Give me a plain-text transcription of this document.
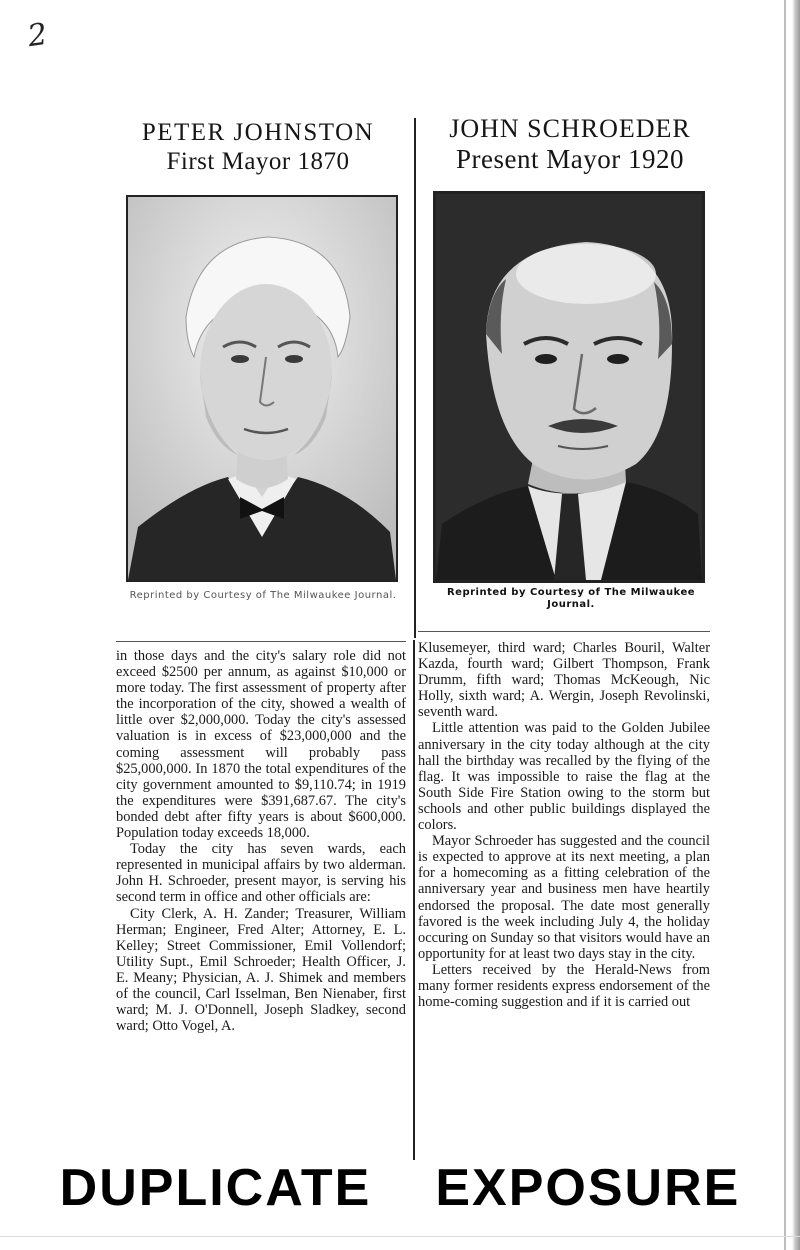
2
PETER JOHNSTON
First Mayor 1870
JOHN SCHROEDER
Present Mayor 1920
Reprinted by Courtesy of The Milwaukee Journal.	Reprinted by Courtesy of The Milwaukee Journal.

in those days and the city's salary role did not exceed $2500 per annum, as against $10,000 or more today. The first assessment of property after the incorporation of the city, showed a wealth of little over $2,000,000. Today the city's assessed valuation is in excess of $23,000,000 and the coming assessment will probably pass $25,000,000. In 1870 the total expenditures of the city government amounted to $9,110.74; in 1919 the expenditures were $391,687.67. The city's bonded debt after fifty years is about $600,000. Population today exceeds 18,000.

Today the city has seven wards, each represented in municipal affairs by two alderman. John H. Schroeder, present mayor, is serving his second term in office and other officials are:

City Clerk, A. H. Zander; Treasurer, William Herman; Engineer, Fred Alter; Attorney, E. L. Kelley; Street Commissioner, Emil Vollendorf; Utility Supt., Emil Schroeder; Health Officer, J. E. Meany; Physician, A. J. Shimek and members of the council, Carl Isselman, Ben Nienaber, first ward; M. J. O'Donnell, Joseph Sladkey, second ward; Otto Vogel, A.

Klusemeyer, third ward; Charles Bouril, Walter Kazda, fourth ward; Gilbert Thompson, Frank Drumm, fifth ward; Thomas McKeough, Nic Holly, sixth ward; A. Wergin, Joseph Revolinski, seventh ward.

Little attention was paid to the Golden Jubilee anniversary in the city today although at the city hall the birthday was recalled by the flying of the flag. It was impossible to raise the flag at the South Side Fire Station owing to the storm but schools and other public buildings displayed the colors.

Mayor Schroeder has suggested and the council is expected to approve at its next meeting, a plan for a homecoming as a fitting celebration of the anniversary year and business men have heartily endorsed the proposal. The date most generally favored is the week including July 4, the holiday occuring on Sunday so that visitors would have an opportunity for at least two days stay in the city.

Letters received by the Herald-News from many former residents express endorsement of the home-coming suggestion and if it is carried out

DUPLICATE EXPOSURE
